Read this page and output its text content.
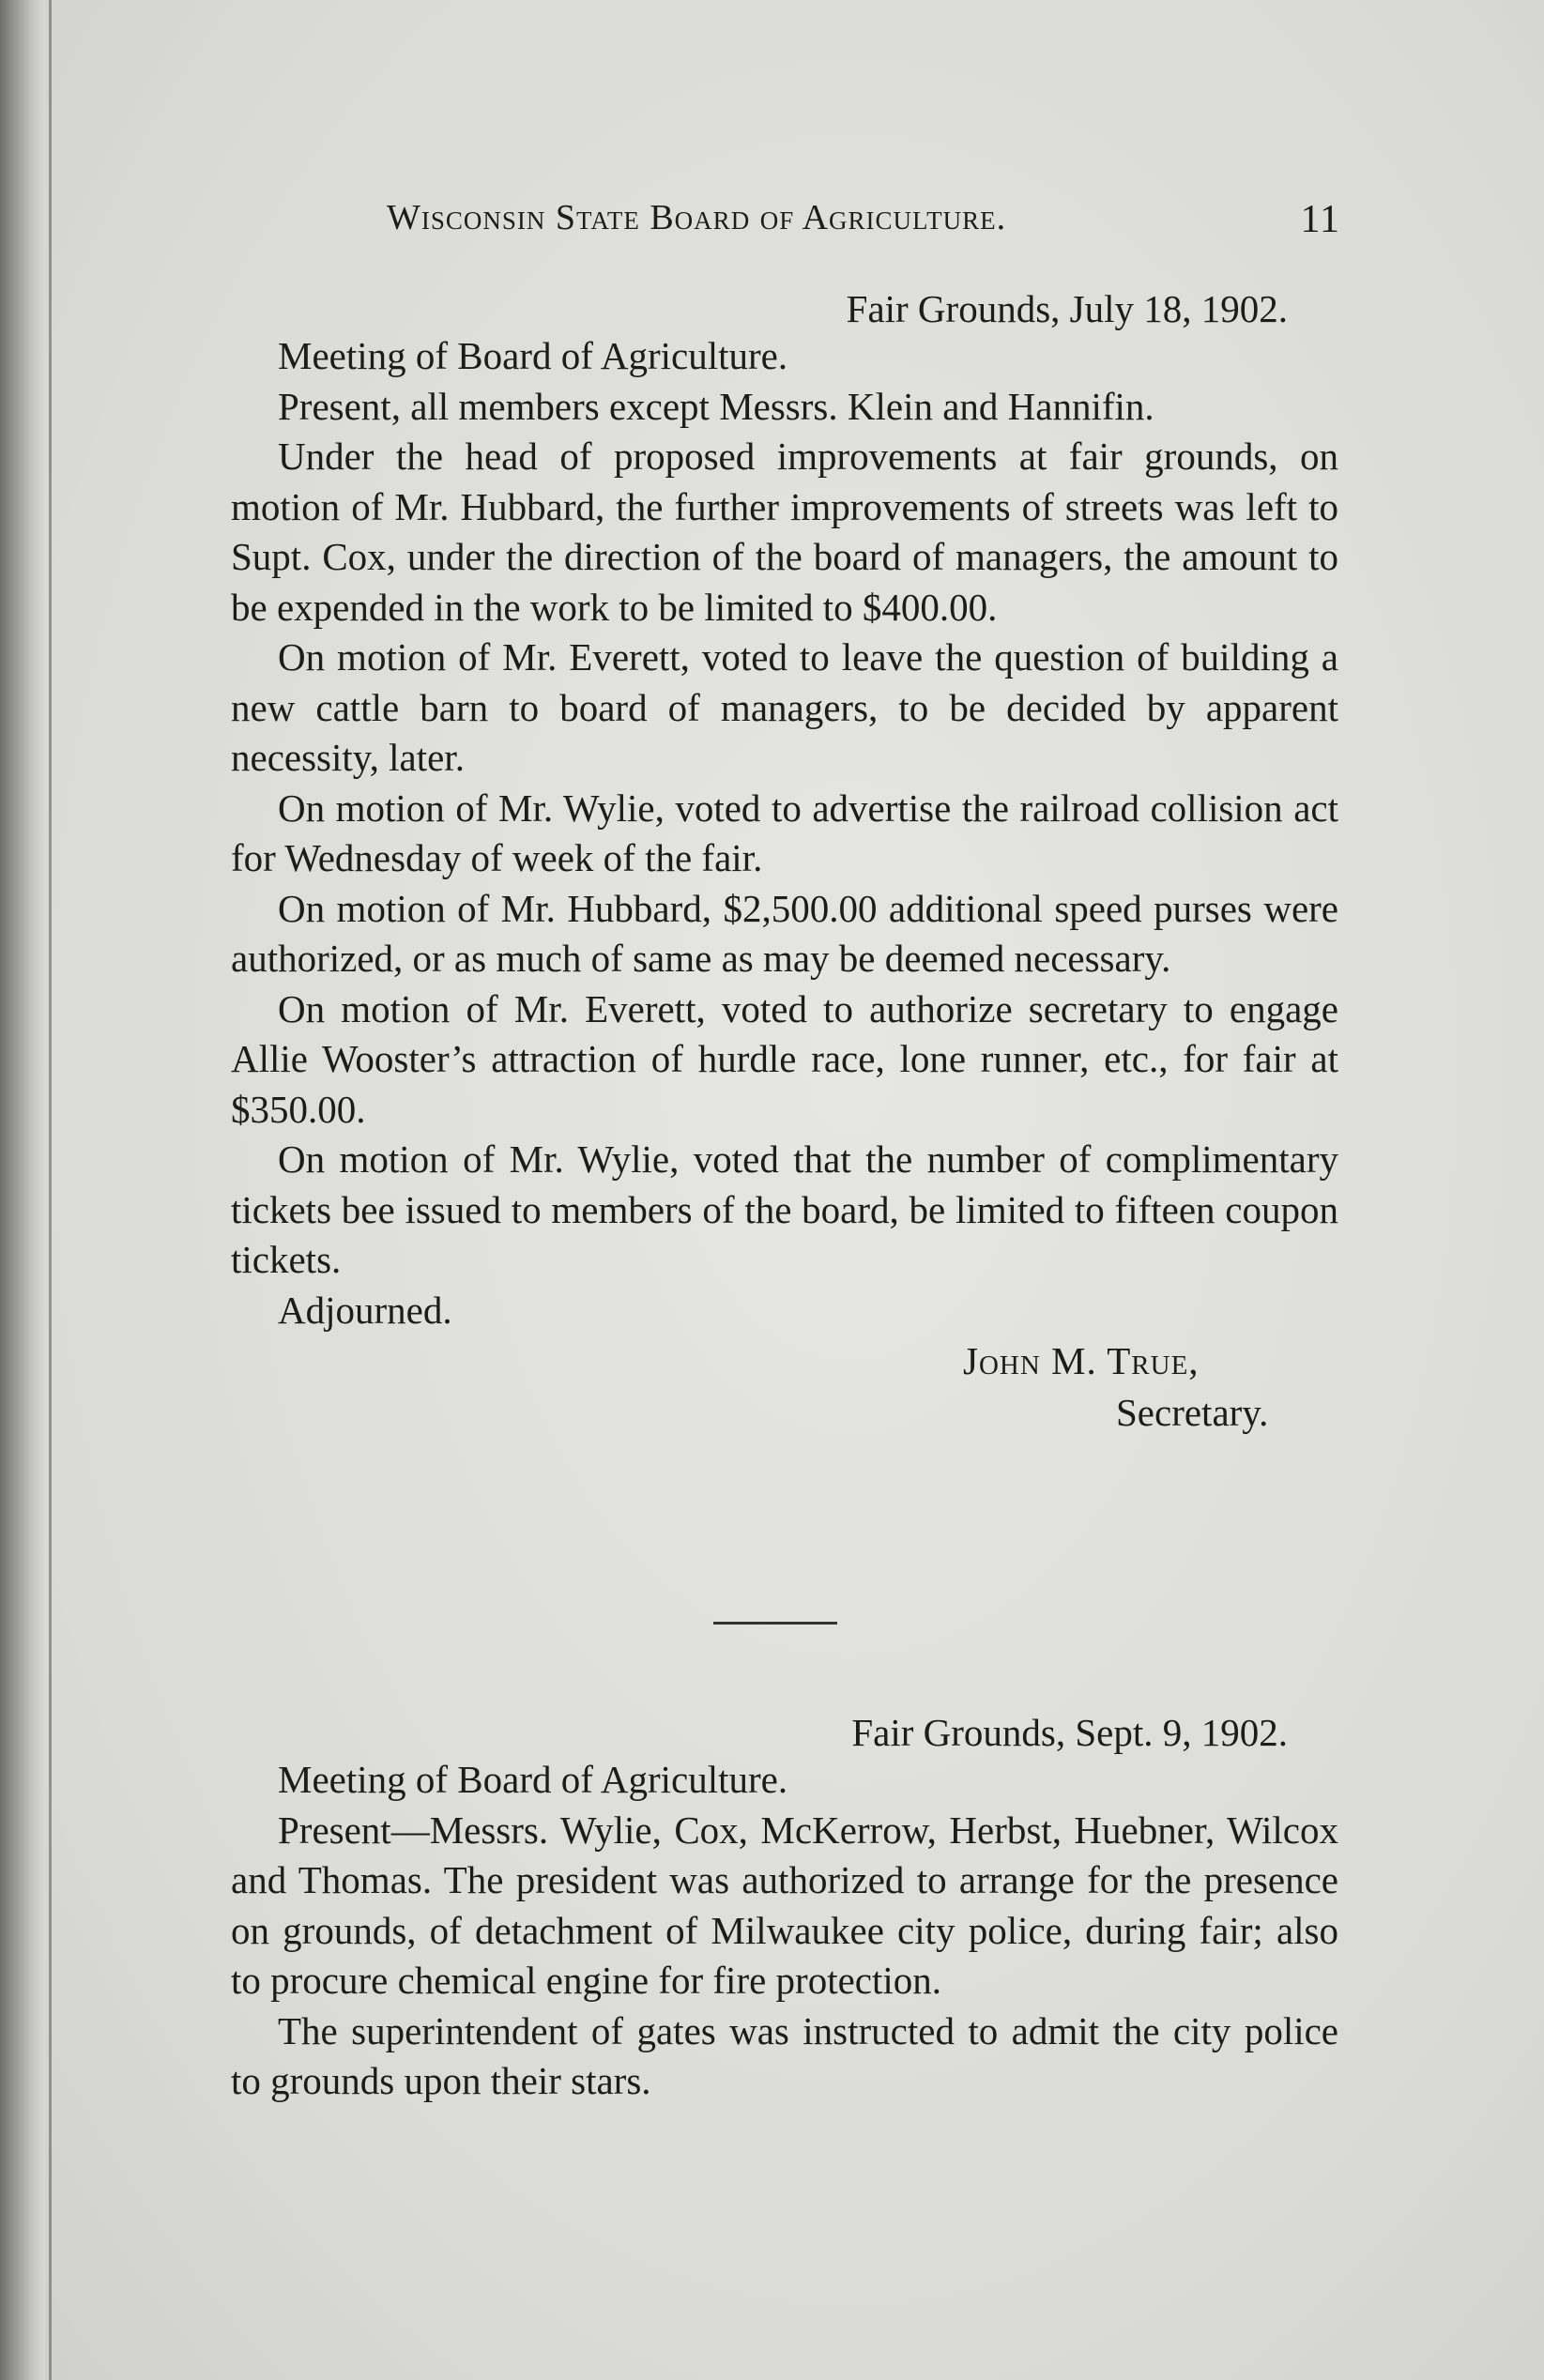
Wisconsin State Board of Agriculture.	11
Fair Grounds, July 18, 1902.

Meeting of Board of Agriculture.

Present, all members except Messrs. Klein and Hannifin.

Under the head of proposed improvements at fair grounds, on motion of Mr. Hubbard, the further improvements of streets was left to Supt. Cox, under the direction of the board of managers, the amount to be expended in the work to be limited to $400.00.

On motion of Mr. Everett, voted to leave the question of building a new cattle barn to board of managers, to be decided by apparent necessity, later.

On motion of Mr. Wylie, voted to advertise the railroad collision act for Wednesday of week of the fair.

On motion of Mr. Hubbard, $2,500.00 additional speed purses were authorized, or as much of same as may be deemed necessary.

On motion of Mr. Everett, voted to authorize secretary to engage Allie Wooster’s attraction of hurdle race, lone runner, etc., for fair at $350.00.

On motion of Mr. Wylie, voted that the number of complimentary tickets bee issued to members of the board, be limited to fifteen coupon tickets.

Adjourned.

John M. True,
Secretary.
Fair Grounds, Sept. 9, 1902.

Meeting of Board of Agriculture.

Present—Messrs. Wylie, Cox, McKerrow, Herbst, Huebner, Wilcox and Thomas. The president was authorized to arrange for the presence on grounds, of detachment of Milwaukee city police, during fair; also to procure chemical engine for fire protection.

The superintendent of gates was instructed to admit the city police to grounds upon their stars.
